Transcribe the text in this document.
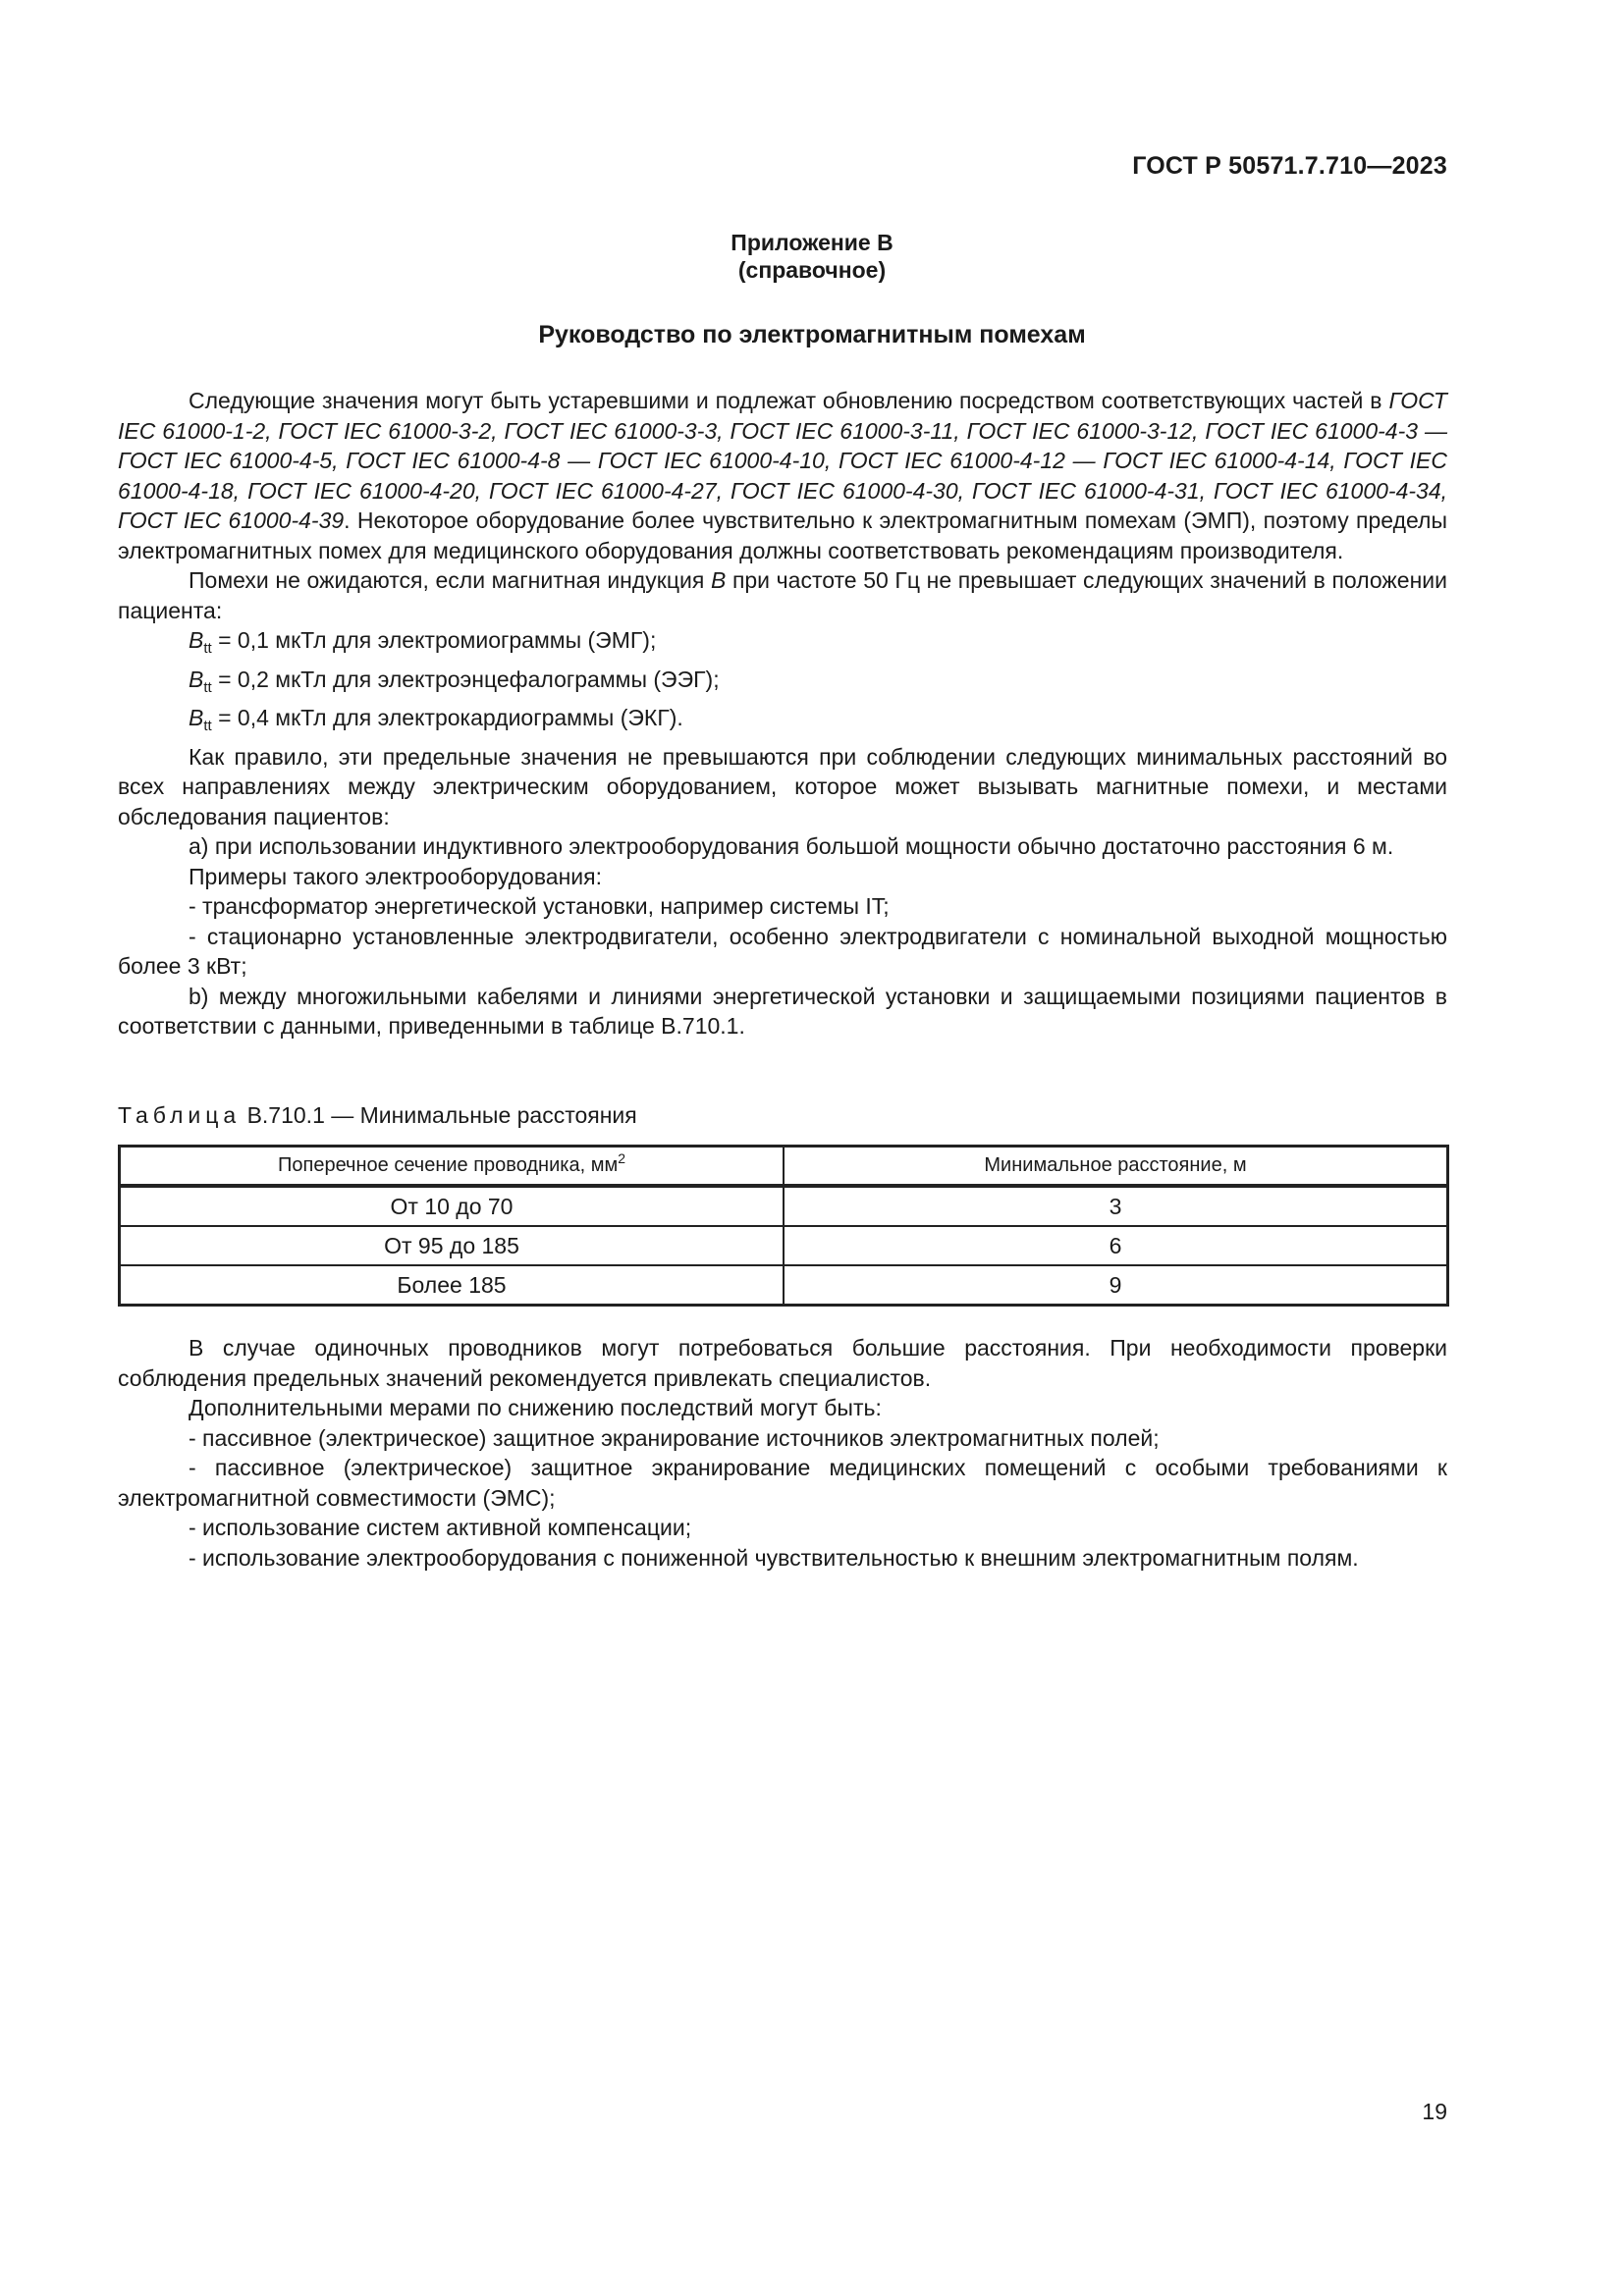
ГОСТ Р 50571.7.710—2023
Приложение В
(справочное)
Руководство по электромагнитным помехам

Следующие значения могут быть устаревшими и подлежат обновлению посредством соответствующих частей в ГОСТ IEC 61000-1-2, ГОСТ IEC 61000-3-2, ГОСТ IEC 61000-3-3, ГОСТ IEC 61000-3-11, ГОСТ IEC 61000-3-12, ГОСТ IEC 61000-4-3 — ГОСТ IEC 61000-4-5, ГОСТ IEC 61000-4-8 — ГОСТ IEC 61000-4-10, ГОСТ IEC 61000-4-12 — ГОСТ IEC 61000-4-14, ГОСТ IEC 61000-4-18, ГОСТ IEC 61000-4-20, ГОСТ IEC 61000-4-27, ГОСТ IEC 61000-4-30, ГОСТ IEC 61000-4-31, ГОСТ IEC 61000-4-34, ГОСТ IEC 61000-4-39. Некоторое оборудование более чувствительно к электромагнитным помехам (ЭМП), поэтому пределы электромагнитных помех для медицинского оборудования должны соответствовать рекомендациям производителя.

Помехи не ожидаются, если магнитная индукция B при частоте 50 Гц не превышает следующих значений в положении пациента:

$B_{tt} = 0,1$ мкТл для электромиограммы (ЭМГ);

$B_{tt} = 0,2$ мкТл для электроэнцефалограммы (ЭЭГ);

$B_{tt} = 0,4$ мкТл для электрокардиограммы (ЭКГ).

Как правило, эти предельные значения не превышаются при соблюдении следующих минимальных расстояний во всех направлениях между электрическим оборудованием, которое может вызывать магнитные помехи, и местами обследования пациентов:

а) при использовании индуктивного электрооборудования большой мощности обычно достаточно расстояния 6 м.

Примеры такого электрооборудования:

- трансформатор энергетической установки, например системы IT;

- стационарно установленные электродвигатели, особенно электродвигатели с номинальной выходной мощностью более 3 кВт;

b) между многожильными кабелями и линиями энергетической установки и защищаемыми позициями пациентов в соответствии с данными, приведенными в таблице В.710.1.

Таблица В.710.1 — Минимальные расстояния
Поперечное сечение проводника, $мм^2$	Минимальное расстояние, м
От 10 до 70	3
От 95 до 185	6
Более 185	9

В случае одиночных проводников могут потребоваться большие расстояния. При необходимости проверки соблюдения предельных значений рекомендуется привлекать специалистов.

Дополнительными мерами по снижению последствий могут быть:

- пассивное (электрическое) защитное экранирование источников электромагнитных полей;

- пассивное (электрическое) защитное экранирование медицинских помещений с особыми требованиями к электромагнитной совместимости (ЭМС);

- использование систем активной компенсации;

- использование электрооборудования с пониженной чувствительностью к внешним электромагнитным полям.

19
